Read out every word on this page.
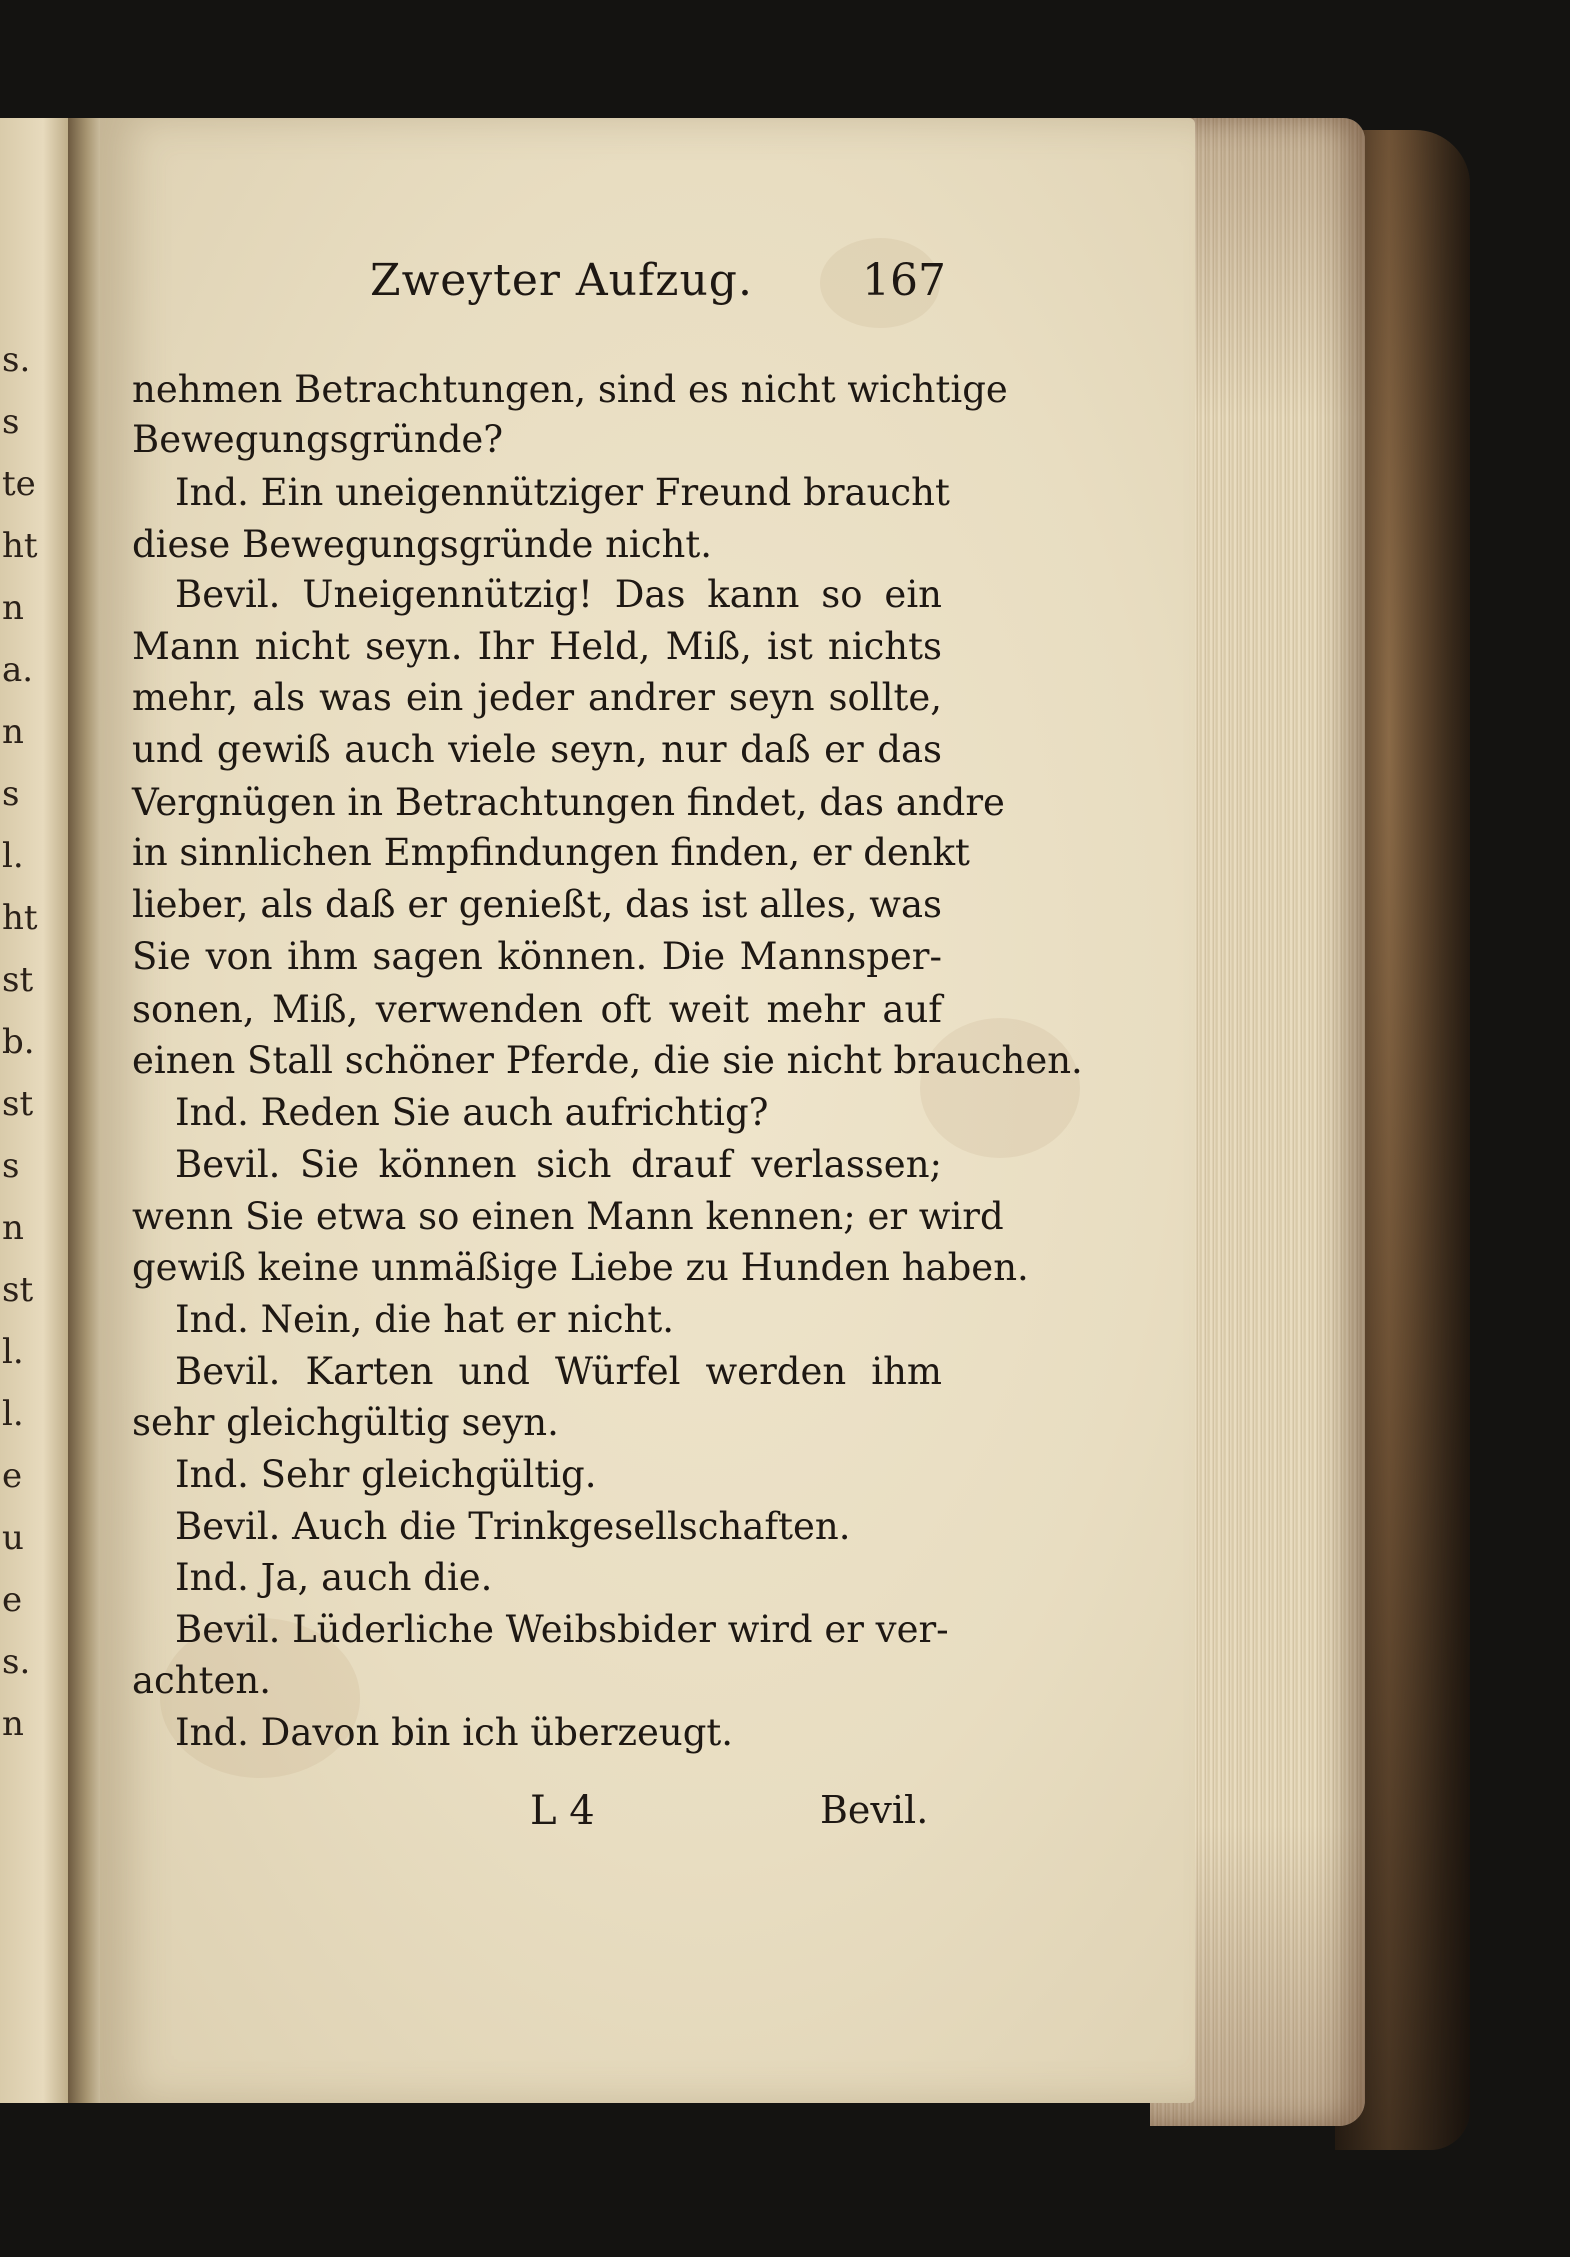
s.
s
te
ht
n
a.
n
s
l.
ht
st
b.
st
s
n
st
l.
l.
e
u
e
s.
n
Zweyter Aufzug. 167
nehmen Betrachtungen, sind es nicht wichtige
Bewegungsgründe?
Ind. Ein uneigennütziger Freund braucht
diese Bewegungsgründe nicht.
Bevil. Uneigennützig! Das kann so ein
Mann nicht seyn. Ihr Held, Miß, ist nichts
mehr, als was ein jeder andrer seyn sollte,
und gewiß auch viele seyn, nur daß er das
Vergnügen in Betrachtungen findet, das andre
in sinnlichen Empfindungen finden, er denkt
lieber, als daß er genießt, das ist alles, was
Sie von ihm sagen können. Die Mannsper-
sonen, Miß, verwenden oft weit mehr auf
einen Stall schöner Pferde, die sie nicht brauchen.
Ind. Reden Sie auch aufrichtig?
Bevil. Sie können sich drauf verlassen;
wenn Sie etwa so einen Mann kennen; er wird
gewiß keine unmäßige Liebe zu Hunden haben.
Ind. Nein, die hat er nicht.
Bevil. Karten und Würfel werden ihm
sehr gleichgültig seyn.
Ind. Sehr gleichgültig.
Bevil. Auch die Trinkgesellschaften.
Ind. Ja, auch die.
Bevil. Lüderliche Weibsbider wird er ver-
achten.
Ind. Davon bin ich überzeugt.
L 4	Bevil.
